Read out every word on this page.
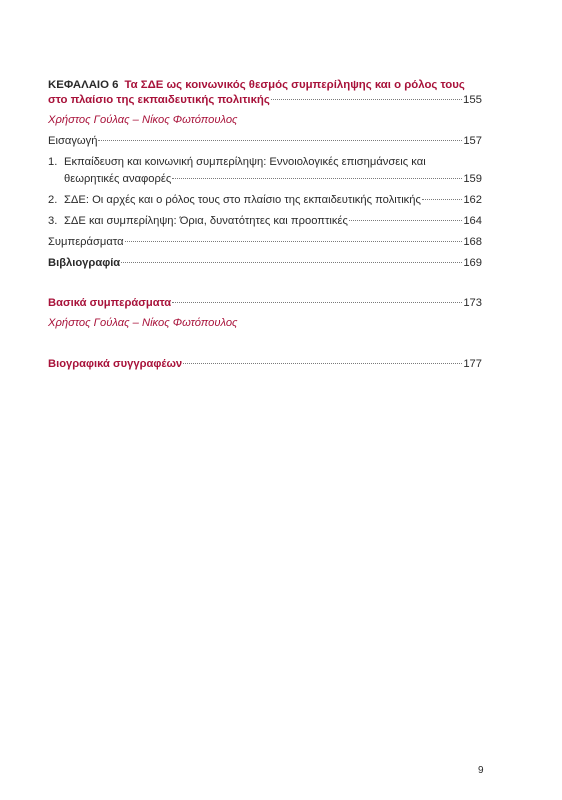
ΚΕΦΑΛΑΙΟ 6 Τα ΣΔΕ ως κοινωνικός θεσμός συμπερίληψης και ο ρόλος τους
στο πλαίσιο της εκπαιδευτικής πολιτικής	155
Χρήστος Γούλας – Νίκος Φωτόπουλος
Εισαγωγή	157
1. Εκπαίδευση και κοινωνική συμπερίληψη: Εννοιολογικές επισημάνσεις και
θεωρητικές αναφορές	159
2. ΣΔΕ: Οι αρχές και ο ρόλος τους στο πλαίσιο της εκπαιδευτικής πολιτικής	162
3. ΣΔΕ και συμπερίληψη: Όρια, δυνατότητες και προοπτικές	164
Συμπεράσματα	168
Βιβλιογραφία	169
Βασικά συμπεράσματα	173
Χρήστος Γούλας – Νίκος Φωτόπουλος
Βιογραφικά συγγραφέων	177
9
